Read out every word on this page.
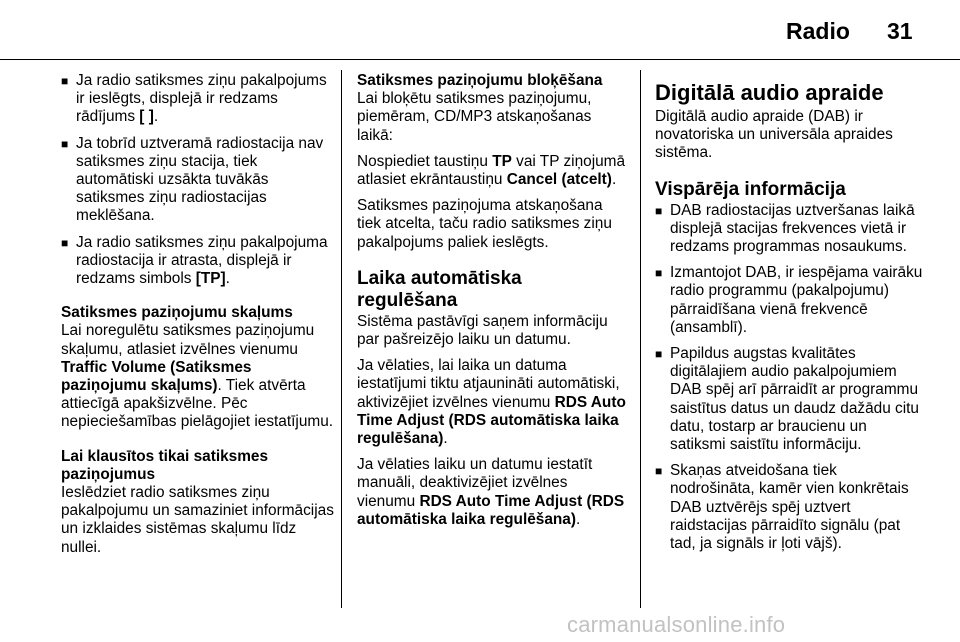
Radio 31
■ Ja radio satiksmes ziņu pakalpojums ir ieslēgts, displejā ir redzams rādījums [ ].
■ Ja tobrīd uztveramā radiostacija nav satiksmes ziņu stacija, tiek automātiski uzsākta tuvākās satiksmes ziņu radiostacijas meklēšana.
■ Ja radio satiksmes ziņu pakalpojuma radiostacija ir atrasta, displejā ir redzams simbols [TP].
Satiksmes paziņojumu skaļums

Lai noregulētu satiksmes paziņojumu skaļumu, atlasiet izvēlnes vienumu Traffic Volume (Satiksmes paziņojumu skaļums). Tiek atvērta attiecīgā apakšizvēlne. Pēc nepieciešamības pielāgojiet iestatījumu.

Lai klausītos tikai satiksmes paziņojumus

Ieslēdziet radio satiksmes ziņu pakalpojumu un samaziniet informācijas un izklaides sistēmas skaļumu līdz nullei.

Satiksmes paziņojumu bloķēšana

Lai bloķētu satiksmes paziņojumu, piemēram, CD/MP3 atskaņošanas laikā:

Nospiediet taustiņu TP vai TP ziņojumā atlasiet ekrāntaustiņu Cancel (atcelt).

Satiksmes paziņojuma atskaņošana tiek atcelta, taču radio satiksmes ziņu pakalpojums paliek ieslēgts.

Laika automātiska regulēšana

Sistēma pastāvīgi saņem informāciju par pašreizējo laiku un datumu.

Ja vēlaties, lai laika un datuma iestatījumi tiktu atjaunināti automātiski, aktivizējiet izvēlnes vienumu RDS Auto Time Adjust (RDS automātiska laika regulēšana).

Ja vēlaties laiku un datumu iestatīt manuāli, deaktivizējiet izvēlnes vienumu RDS Auto Time Adjust (RDS automātiska laika regulēšana).

Digitālā audio apraide

Digitālā audio apraide (DAB) ir novatoriska un universāla apraides sistēma.

Vispārēja informācija
■ DAB radiostacijas uztveršanas laikā displejā stacijas frekvences vietā ir redzams programmas nosaukums.
■ Izmantojot DAB, ir iespējama vairāku radio programmu (pakalpojumu) pārraidīšana vienā frekvencē (ansamblī).
■ Papildus augstas kvalitātes digitālajiem audio pakalpojumiem DAB spēj arī pārraidīt ar programmu saistītus datus un daudz dažādu citu datu, tostarp ar braucienu un satiksmi saistītu informāciju.
■ Skaņas atveidošana tiek nodrošināta, kamēr vien konkrētais DAB uztvērējs spēj uztvert raidstacijas pārraidīto signālu (pat tad, ja signāls ir ļoti vājš).
carmanualsonline.info
